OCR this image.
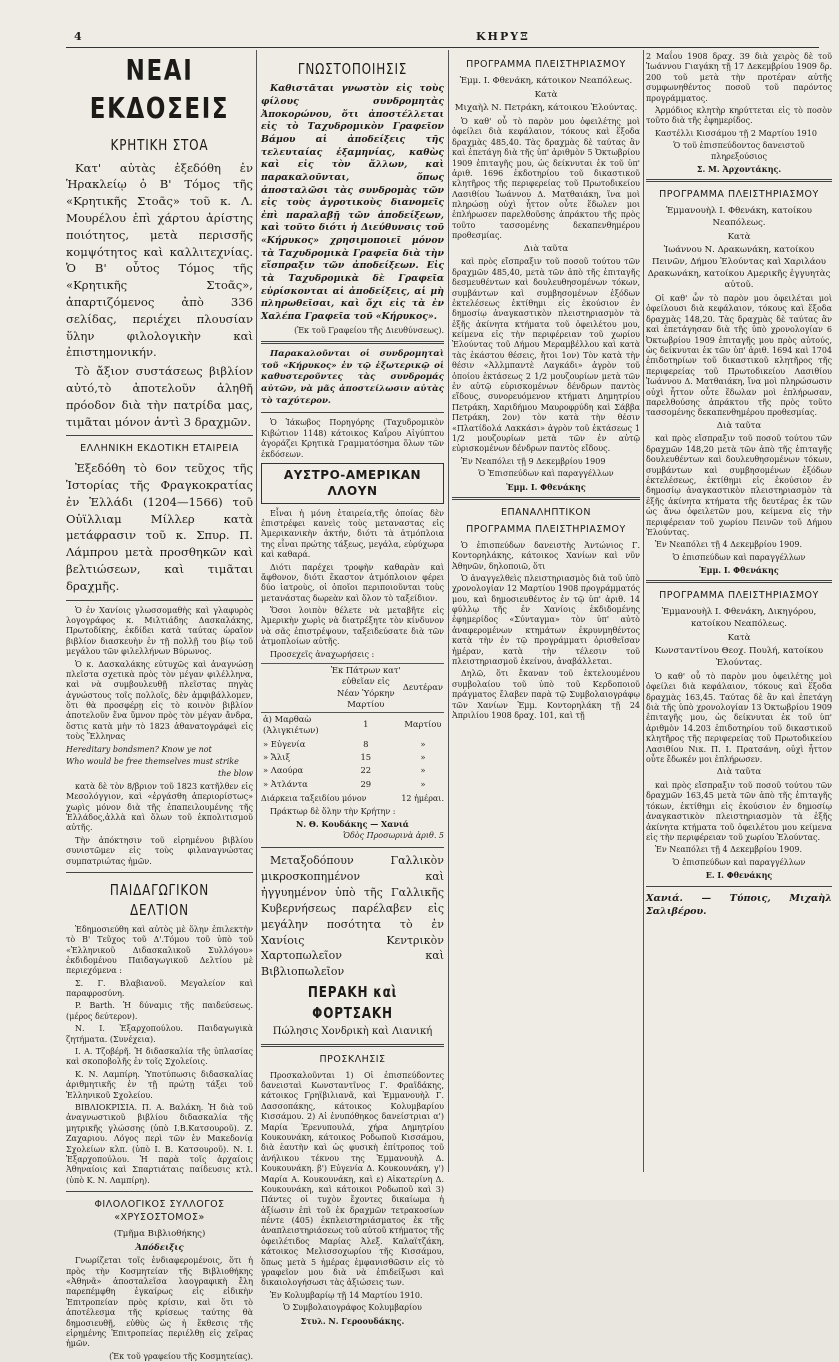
4	ΚΗΡΥΞ
ΝΕΑΙ ΕΚΔΟΣΕΙΣ
ΚΡΗΤΙΚΗ ΣΤΟΑ

Κατ' αὐτὰς ἐξεδόθη ἐν Ἡρακλείῳ ὁ Β' Τόμος τῆς «Κρητικῆς Στοᾶς» τοῦ κ. Λ. Μουρέλου ἐπὶ χάρτου ἀρίστης ποιότητος, μετὰ περισσῆς κομψότητος καὶ καλλιτεχνίας. Ὁ Β' οὗτος Τόμος τῆς «Κρητικῆς Στοᾶς», ἀπαρτιζόμενος ἀπὸ 336 σελίδας, περιέχει πλουσίαν ὕλην φιλολογικὴν καὶ ἐπιστημονικήν.

Τὸ ἄξιον συστάσεως βιβλίον αὐτό,τὸ ἀποτελοῦν ἀληθῆ πρόοδον διὰ τὴν πατρίδα μας, τιμᾶται μόνον ἀντὶ 3 δραχμῶν.

ΕΛΛΗΝΙΚΗ ΕΚΔΟΤΙΚΗ ΕΤΑΙΡΕΙΑ

Ἐξεδόθη τὸ 6ον τεῦχος τῆς Ἱστορίας τῆς Φραγκοκρατίας ἐν Ἑλλάδι (1204—1566) τοῦ Οὐϊλλιαμ Μίλλερ κατὰ μετάφρασιν τοῦ κ. Σπυρ. Π. Λάμπρου μετὰ προσθηκῶν καὶ βελτιώσεων, καὶ τιμᾶται δραχμῆς.

Ὁ ἐν Χανίοις γλωσσομαθὴς καὶ γλαφυρὸς λογογράφος κ. Μιλτιάδης Δασκαλάκης, Πρωτοδίκης, ἐκδίδει κατὰ ταύτας ὡραῖον βιβλίον διασκευὴν ἐν τῇ πολλῇ του βίῳ τοῦ μεγάλου τῶν φιλελλήνων Βύρωνος.

Ὁ κ. Δασκαλάκης εὐτυχῶς καὶ ἀναγνώσῃ πλεῖστα σχετικὰ πρὸς τὸν μέγαν φιλέλληνα, καὶ νὰ συμβουλευθῇ πλεῖστας πηγὰς ἀγνώστους τοῖς πολλοῖς, δὲν ἀμφιβάλλομεν, ὅτι θὰ προσφέρῃ εἰς τὸ κοινὸν βιβλίον ἀποτελοῦν ἕνα ὕμνον πρὸς τὸν μέγαν ἄνδρα, ὅστις κατὰ μὴν τὸ 1823 ἀθανατογράφεὶ εἰς τοὺς Ἕλληνας

Hereditary bondsmen? Know ye not

Who would be free themselves must strike

the blow

κατὰ δὲ τὸν 8/βριον τοῦ 1823 κατῆλθεν εἰς Μεσολόγγιον, καὶ «ἐργάσθη ἀπεριορίστως» χωρὶς μόνον διὰ τῆς ἐπαπειλουμένης τῆς Ἑλλάδος,ἀλλὰ καὶ ὅλων τοῦ ἐκπολιτισμοῦ αὐτῆς.

Τὴν ἀπόκτησιν τοῦ εἰρημένου βιβλίου συνιστῶμεν εἰς τοὺς φιλαναγνώστας συμπατριώτας ἡμῶν.

ΠΑΙΔΑΓΩΓΙΚΟΝ ΔΕΛΤΙΟΝ

Ἐδημοσιεύθη καὶ αὐτὸς μὲ ὅλην ἐπιλεκτὴν τὸ Β' Τεῦχος τοῦ Δ'.Τόμου τοῦ ὑπὸ τοῦ «Ἑλληνικοῦ Διδασκαλικοῦ Συλλόγου» ἐκδιδομένου Παιδαγωγικοῦ Δελτίου μὲ περιεχόμενα :

Σ. Γ. Βλαβιανοῦ. Μεγαλείον καὶ παραφροσύνη.

P. Barth. Ἡ δύναμις τῆς παιδεύσεως. (μέρος δεύτερον).

Ν. Ι. Ἐξαρχοπούλου. Παιδαγωγικὰ ζητήματα. (Συνέχεια).

Ι. Α. Τζοβέρῆ. Ἡ διδασκαλία τῆς ὑπλασίας καὶ σκοποβολῆς ἐν τοῖς Σχολείοις.

Κ. Ν. Λαμπίρη. Ὑποτύπωσις διδασκαλίας ἀριθμητικῆς ἐν τῇ πρώτῃ τάξει τοῦ Ἑλληνικοῦ Σχολείου.

ΒΙΒΛΙΟΚΡΙΣΙΑ. Π. Α. Βαλάκη. Ἡ διὰ τοῦ ἀναγνωστικοῦ βιβλίου διδασκαλία τῆς μητρικῆς γλώσσης (ὑπὸ Ι.Β.Κατσουροῦ). Ζ. Ζαχαριου. Λόγος περὶ τῶν ἐν Μακεδονίᾳ Σχολείων κλπ. (ὑπὸ Ι. Β. Κατσουροῦ). Ν. Ι. Ἐξαρχοπούλου. Ἡ παρὰ τοῖς ἀρχαίοις Ἀθηναίοις καὶ Σπαρτιάταις παίδευσις κτλ. (ὑπὸ Κ. Ν. Λαμπίρη).

ΦΙΛΟΛΟΓΙΚΟΣ ΣΥΛΛΟΓΟΣ «ΧΡΥΣΟΣΤΟΜΟΣ»
(Τμῆμα Βιβλιοθήκης)
Ἀπόδειξις

Γνωρίζεται τοῖς ἐνδιαφερομένοις, ὅτι ἡ πρὸς τὴν Κοσμητείαν τῆς Βιβλιοθήκης «Ἀθηνᾶ» ἀποσταλεῖσα λαογραφικὴ ἔλη παρεπέμφθη ἐγκαίρως εἰς εἰδικὴν Ἐπιτροπείαν πρὸς κρίσιν, καὶ ὅτι τὸ ἀποτέλεσμα τῆς κρίσεως ταύτης θὰ δημοσιευθῇ, εὐθὺς ὡς ἡ ἔκθεσις τῆς εἰρημένης Ἐπιτροπείας περιέλθῃ εἰς χεῖρας ἡμῶν.

(Ἐκ τοῦ γραφείου τῆς Κοσμητείας).

ΓΝΩΣΤΟΠΟΙΗΣΙΣ

Καθιστᾶται γνωστὸν εἰς τοὺς φίλους συνδρομητὰς Ἀποκορώνου, ὅτι ἀποστέλλεται εἰς τὸ Ταχυδρομικὸν Γραφεῖον Βάμου αἱ ἀποδείξεις τῆς τελευταίας ἑξαμηνίας, καθὼς καὶ εἰς τὸν ἄλλων, καὶ παρακαλοῦνται, ὅπως ἀποσταλῶσι τὰς συνδρομὰς τῶν εἰς τοὺς ἀγροτικοὺς διανομεῖς ἐπὶ παραλαβῇ τῶν ἀποδείξεων, καὶ τοῦτο διότι ἡ Διεύθυνσις τοῦ «Κήρυκος» χρησιμοποιεῖ μόνον τὰ Ταχυδρομικὰ Γραφεῖα διὰ τὴν εἴσπραξιν τῶν ἀποδείξεων. Εἰς τὰ Ταχυδρομικὰ δὲ Γραφεῖα εὑρίσκονται αἱ ἀποδείξεις, αἱ μὴ πληρωθεῖσαι, καὶ ὄχι εἰς τὰ ἐν Χαλέπα Γραφεῖα τοῦ «Κήρυκος».

(Ἐκ τοῦ Γραφείου τῆς Διευθύνσεως).

Παρακαλοῦνται οἱ συνδρομηταὶ τοῦ «Κήρυκος» ἐν τῷ ἐξωτερικῷ οἱ καθυστεροῦντες τὰς συνδρομάς αὐτῶν, νὰ μᾶς ἀποστείλωσιν αὐτὰς τὸ ταχύτερον.

Ὁ Ἰάκωβος Πορηγόρης (Ταχυδρομικὸν Κιβώτιον 1148) κάτοικος Καΐρου Αἰγύπτου ἀγοράζει Κρητικὰ Γραμματόσημα ὅλων τῶν ἐκδόσεων.

ΑΥΣΤΡΟ-ΑΜΕΡΙΚΑΝ ΛΛΟΥΝ

Εἶναι ἡ μόνη ἑταιρεία,τῆς ὁποίας δὲν ἐπιστρέφει κανεὶς τοὺς μεταναστας εἰς Ἀμερικανικὴν ἀκτήν, διότι τὰ ἀτμόπλοια της εἶναι πρώτης τάξεως, μεγάλα, εὐρύχωρα καὶ καθαρά.

Διότι παρέχει τροφὴν καθαρὰν καὶ ἄφθονον, διότι ἕκαστον ἀτμόπλοιον φέρει δύο ἰατροὺς, οἱ ὁποῖοι περιποιοῦνται τοὺς μετανάστας δωρεὰν καὶ ὅλον τὸ ταξείδιον.

Ὅσοι λοιπὸν θέλετε νὰ μεταβῆτε εἰς Ἀμερικὴν χωρὶς νὰ διατρέξητε τὸν κίνδυνον νὰ σᾶς ἐπιστρέψουν, ταξειδεύσατε διὰ τῶν ἀτμοπλοίων αὐτῆς.

Προσεχεῖς ἀναχωρήσεις :

	Ἐκ Πάτρων κατ' εὐθεῖαν εἰς Νέαν Ὑόρκην Μαρτίου	Δευτέραν
ἀ) Μαρθαὼ (Ἀλιγκιέτων)	1	Μαρτίου
» Εὐγενία	8	»
» Ἄλιξ	15	»
» Λαούρα	22	»
» Ἀτλάντα	29	»

Διάρκεια ταξειδίου μόνον	12 ἡμέραι.

Πράκτωρ δὲ ὅλην τὴν Κρήτην :

Ν. Θ. Κουδάκης — Χανιά

Ὁδὸς Προσωρινὰ ἀριθ. 5

Μεταξοδόπουν Γαλλικὸν μικροσκοπημένον καὶ ἠγγυημένον ὑπὸ τῆς Γαλλικῆς Κυβερνήσεως παρέλαβεν εἰς μεγάλην ποσότητα τὸ ἐν Χανίοις Κεντρικὸν Χαρτοπωλεῖον καὶ Βιβλιοπωλεῖον

ΠΕΡΑΚΗ καὶ ΦΟΡΤΣΑΚΗ
Πώλησις Χονδρικὴ καὶ Λιανική
ΠΡΟΣΚΛΗΣΙΣ

Προσκαλοῦνται 1) Οἱ ἐπισπεύδοντες δανεισταὶ Κωνσταντῖνος Γ. Φραϊδάκης, κάτοικος Γρηϊβιλιανᾶ, καὶ Ἐμμανουὴλ Γ. Δασσοπάκης, κάτοικος Κολυμβαρίου Κισσάμου. 2) Αἱ ἐνυπόθηκος δανείστριαι α') Μαρία Ἐρενυπουλά, χήρα Δημητρίου Κουκουνάκη, κάτοικος Ροδωποῦ Κισσάμου, διὰ ἑαυτὴν καὶ ὡς φυσικὴ ἐπίτροπος τοῦ ἀνήλικου τέκνου της Ἐμμανουὴλ Δ. Κουκουνάκη. β') Εὐγενία Δ. Κουκουνάκη, γ') Μαρία Α. Κουκουνάκη, καὶ ε) Αἰκατερίνη Δ. Κουκουνάκη, καὶ κάτοικοι Ροδωποῦ καὶ 3) Πάντες οἱ τυχὸν ἔχοντες δικαίωμα ἡ ἀξίωσιν ἐπὶ τοῦ ἐκ δραχμῶν τετρακοσίων πέντε (405) ἐκπλειστηριάσματος ἐκ τῆς ἀναπλειστηριάσεως τοῦ αὐτοῦ κτήματος τῆς ὀφειλέτιδος Μαρίας Ἀλεξ. Καλαϊτζάκη, κάτοικος Μελισσοχωρίου τῆς Κισσάμου, ὅπως μετὰ 5 ἡμέρας ἐμφανισθῶσιν εἰς τὸ γραφεῖον μου διὰ νὰ ἐπιδείξωσι καὶ δικαιολογήσωσι τὰς ἀξιώσεις των.

Ἐν Κολυμβαρίῳ τῇ 14 Μαρτίου 1910.

Ὁ Συμβολαιογράφος Κολυμβαρίου

Στυλ. Ν. Γεροουδάκης.

ΠΡΟΓΡΑΜΜΑ ΠΛΕΙΣΤΗΡΙΑΣΜΟΥ
Ἐμμ. Ι. Φθενάκη, κάτοικον Νεαπόλεως.
Κατὰ
Μιχαὴλ Ν. Πετράκη, κάτοικου Ἐλούντας.

Ὁ καθ' οὗ τὸ παρὸν μου ὀφειλέτης μοὶ ὀφείλει διὰ κεφάλαιον, τόκους καὶ ἕξοδα δραχμὰς 485,40. Τὰς δραχμὰς δὲ ταύτας ἂν καὶ ἐπετάγη διὰ τῆς ὑπ' ἀριθμὸν 5 Ὀκτωβρίου 1909 ἐπιταγῆς μου, ὡς δείκνυται ἐκ τοῦ ὑπ' ἀριθ. 1696 ἐκδοτηρίου τοῦ δικαστικοῦ κλητῆρος τῆς περιφερείας τοῦ Πρωτοδικείου Λασιθίου Ἰωάννου Δ. Ματθαιάκη, ἵνα μοὶ πληρώσῃ οὐχὶ ἦττον οὗτε ἕδωλεν μοι ἐπλήρωσεν παρελθοῦσης ἀπράκτου τῆς πρὸς τοῦτο τασσομένης δεκαπενθημέρου προθεσμίας.

Διὰ ταῦτα

καὶ πρὸς εἴσπραξιν τοῦ ποσοῦ τούτου τῶν δραχμῶν 485,40, μετὰ τῶν ἀπὸ τῆς ἐπιταγῆς δεσμευθέντων καὶ δουλευθησομένων τόκων, συμβάντων καὶ συμβησομένων ἐξόδων ἐκτελέσεως ἐκτίθημι εἰς ἐκούσιον ἐν δημοσίῳ ἀναγκαστικὸν πλειστηριασμὸν τὰ ἑξῆς ἀκίνητα κτήματα τοῦ ὀφειλέτου μου, κείμενα εἰς τὴν περιφέρειαν τοῦ χωρίου Ἐλούντας τοῦ Δήμου Μεραμβέλλου καὶ κατὰ τὰς ἑκάστου θέσεις, ἤτοι 1ον) Τὸν κατὰ τὴν θέσιν «Ἀλλμπαντὲ Λαγκάδι» ἀγρὸν τοῦ ὁποίου ἐκτάσεως 2 1/2 μουζουρίων μετὰ τῶν ἐν αὐτῷ εὑρισκομένων δένδρων παντὸς εἴδους, συνορευόμενον κτήματι Δημητρίου Πετράκη, Χαριδήμου Μαυροφρύδη καὶ Σάββα Πετράκη, 2ον) τὸν κατὰ τὴν θέσιν «Πλατίδολά Λακκάσι» ἀγρὸν τοῦ ἐκτάσεως 1 1/2 μουζουρίων μετὰ τῶν ἐν αὐτῷ εὑρισκομένων δένδρων παντὸς εἴδους.

Ἐν Νεαπόλει τῇ 9 Δεκεμβρίου 1909

Ὁ Ἐπισπεύδων καὶ παραγγέλλων

Ἐμμ. Ι. Φθενάκης

ΕΠΑΝΑΛΗΠΤΙΚΟΝ
ΠΡΟΓΡΑΜΜΑ ΠΛΕΙΣΤΗΡΙΑΣΜΟΥ

Ὁ ἐπισπεύδων δανειστὴς Ἀντώνιος Γ. Κοντορηλάκης, κάτοικος Χανίων καὶ νῦν Ἀθηνῶν, δηλοποιῶ, ὅτι

Ὁ ἀναγγελθεὶς πλειστηριασμὸς διὰ τοῦ ὑπὸ χρονολογίαν 12 Μαρτίου 1908 προγράμματός μου, καὶ δημοσιευθέντος ἐν τῷ ὑπ' ἀριθ. 14 φύλλῳ τῆς ἐν Χανίοις ἐκδιδομένης ἐφημερίδος «Σύνταγμα» τὸν ὑπ' αὐτὸ ἀναφερομένων κτημάτων ἐκρυνμηθέντος κατὰ τὴν ἐν τῷ προγράμματι ὀρισθεῖσαν ἡμέραν, κατὰ τὴν τέλεσιν τοῦ πλειστηριασμοῦ ἐκείνου, ἀναβάλλεται.

Δηλῶ, ὅτι ἔκαναν τοῦ ἐκτελουμένου συμβολαίου τοῦ ὑπὸ τοῦ Κερδοποιοῦ πράγματος ἔλαβεν παρὰ τῷ Συμβολαιογράφῳ τῶν Χανίων Ἐμμ. Κοντορηλάκη τῇ 24 Ἀπριλίου 1908 δραχ. 101, καὶ τῇ

2 Μαΐου 1908 δραχ. 39 διὰ χειρὸς δὲ τοῦ Ἰωάννου Γιαγάκη τῇ 17 Δεκεμβρίου 1909 δρ. 200 τοῦ μετὰ τὴν προτέραν αὐτῆς συμφωνηθέντος ποσοῦ τοῦ παρόντος προγράμματος.

Ἀρμόδιος κλητὴρ κηρύττεται εἰς τὸ ποσὸν τοῦτο διὰ τῆς ἐφημερίδος.

Καστέλλι Κισσάμου τῇ 2 Μαρτίου 1910

Ὁ τοῦ ἐπισπεύδοντος δανειστοῦ πληρεξούσιος

Σ. Μ. Ἀρχοντάκης.

ΠΡΟΓΡΑΜΜΑ ΠΛΕΙΣΤΗΡΙΑΣΜΟΥ
Ἐμμανουὴλ Ι. Φθενάκη, κατοίκου Νεαπόλεως.
Κατὰ
Ἰωάννου Ν. Δρακωνάκη, κατοίκου Πεινῶν, Δήμου Ἐλούντας καὶ Χαριλάου Δρακωνάκη, κατοίκου Αμερικῆς ἐγγυητὰς αὐτοῦ.

Οἱ καθ' ὧν τὸ παρὸν μου ὀφειλέται μοὶ ὀφείλουσι διὰ κεφάλαιον, τόκους καὶ ἕξοδα δραχμὰς 148,20. Τὰς δραχμὰς δὲ ταύτας ἂν καὶ ἐπετάγησαν διὰ τῆς ὑπὸ χρονολογίαν 6 Ὀκτωβρίου 1909 ἐπιταγῆς μου πρὸς αὐτούς, ὡς δείκνυται ἐκ τῶν ὑπ' ἀριθ. 1694 καὶ 1704 ἐπιδοτηρίων τοῦ δικαστικοῦ κλητῆρος τῆς περιφερείας τοῦ Πρωτοδικείου Λασιθίου Ἰωάννου Δ. Ματθαιάκη, ἵνα μοὶ πληρώσωσιν οὐχὶ ἦττον οὗτε ἕδωλαν μοὶ ἐπλήρωσαν, παρελθούσης ἀπράκτου τῆς πρὸς τοῦτο τασσομένης δεκαπενθημέρου προθεσμίας.

Διὰ ταῦτα

καὶ πρὸς εἴσπραξιν τοῦ ποσοῦ τούτου τῶν δραχμῶν 148,20 μετὰ τῶν ἀπὸ τῆς ἐπιταγῆς δουλευθέντων καὶ δουλευθησομένων τόκων, συμβάντων καὶ συμβησομένων ἐξόδων ἐκτελέσεως, ἐκτίθημι εἰς ἐκούσιον ἐν δημοσίῳ ἀναγκαστικὸν πλειστηριασμὸν τὰ ἑξῆς ἀκίνητα κτήματα τῆς δευτέρας ἐκ τῶν ὡς ἄνω ὀφειλετῶν μου, κείμενα εἰς τὴν περιφέρειαν τοῦ χωρίου Πεινῶν τοῦ Δήμου Ἐλούντας.

Ἐν Νεαπόλει τῇ 4 Δεκεμβρίου 1909.

Ὁ ἐπισπεύδων καὶ παραγγέλλων

Ἐμμ. Ι. Φθενάκης

ΠΡΟΓΡΑΜΜΑ ΠΛΕΙΣΤΗΡΙΑΣΜΟΥ
Ἐμμανουὴλ Ι. Φθενάκη, Δικηγόρου, κατοίκου Νεαπόλεως.
Κατὰ
Κωνσταντίνου Θεοχ. Πουλή, κατοίκου Ἐλούντας.

Ὁ καθ' οὗ τὸ παρὸν μου ὀφειλέτης μοὶ ὀφείλει διὰ κεφάλαιον, τόκους καὶ ἕξοδα δραχμὰς 163,45. Ταύτας δὲ ἂν καὶ ἐπετάγη διὰ τῆς ὑπὸ χρονολογίαν 13 Ὀκτωβρίου 1909 ἐπιταγῆς μου, ὡς δείκνυται ἐκ τοῦ ὑπ' ἀριθμὸν 14.203 ἐπιδοτηρίου τοῦ δικαστικοῦ κλητῆρος τῆς περιφερείας τοῦ Πρωτοδικείου Λασιθίου Νικ. Π. Ι. Πρατσάνη, οὐχὶ ἦττον οὗτε ἔδωκέν μοι ἐπλήρωσεν.

Διὰ ταῦτα

καὶ πρὸς εἴσπραξιν τοῦ ποσοῦ τούτου τῶν δραχμῶν 163,45 μετὰ τῶν ἀπὸ τῆς ἐπιταγῆς τόκων, ἐκτίθημι εἰς ἐκούσιον ἐν δημοσίῳ ἀναγκαστικὸν πλειστηριασμὸν τὰ ἑξῆς ἀκίνητα κτήματα τοῦ ὀφειλέτου μου κείμενα εἰς τὴν περιφέρειαν τοῦ χωρίου Ἐλούντας.

Ἐν Νεαπόλει τῇ 4 Δεκεμβρίου 1909.

Ὁ ἐπισπεύδων καὶ παραγγέλλων

Ε. Ι. Φθενάκης

Χανιά. — Τύποις, Μιχαὴλ Σαλιβέρου.
